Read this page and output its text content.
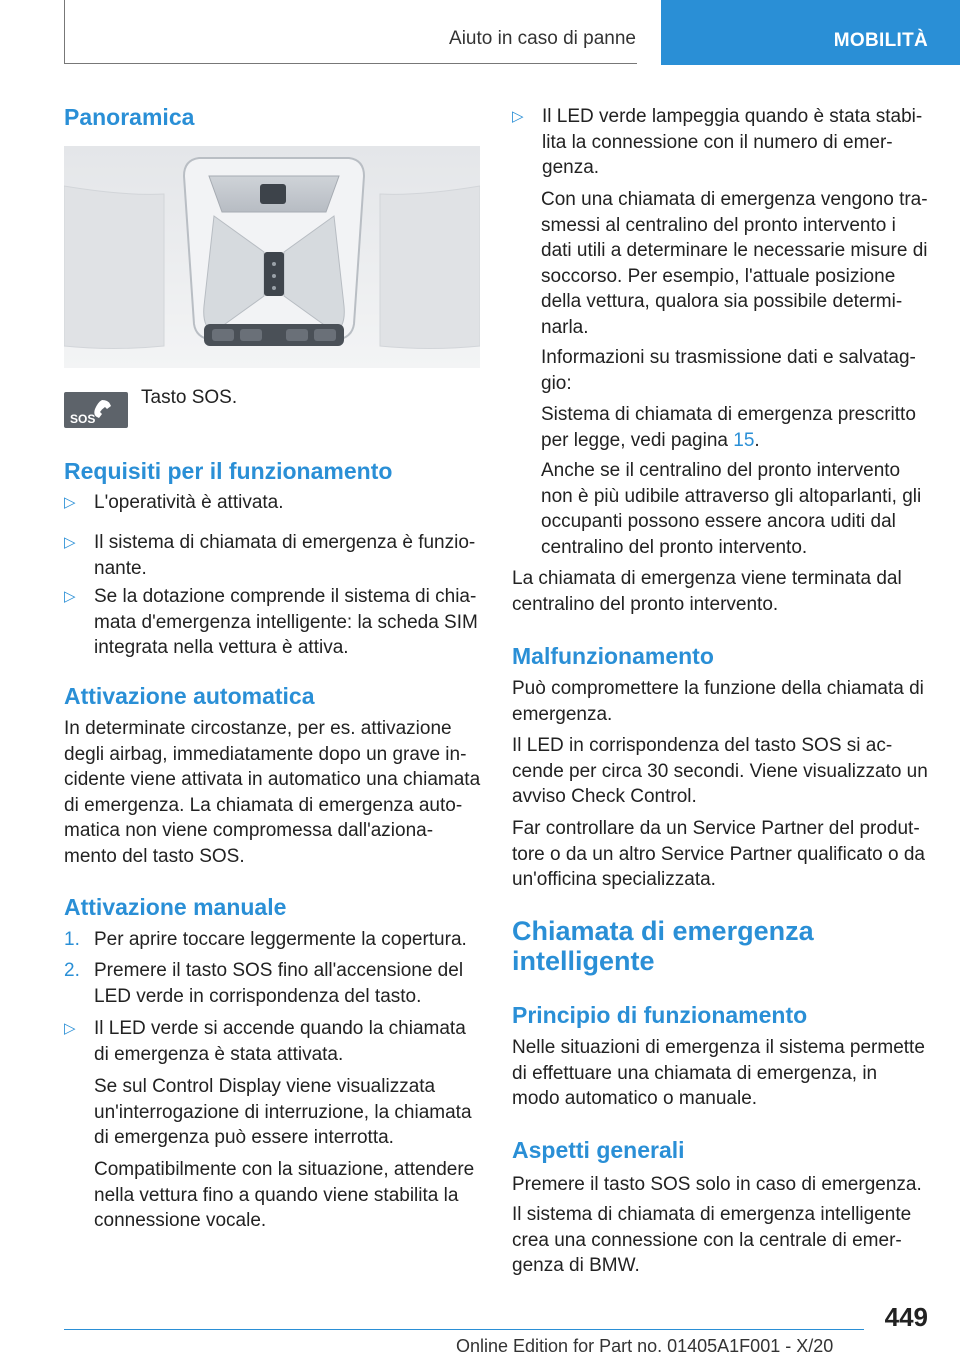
Aiuto in caso di panne	MOBILITÀ
Panoramica
SOS

Tasto SOS.

Requisiti per il funzionamento
▷ L'operatività è attivata.
▷ Il sistema di chiamata di emergenza è funzio-
nante.
▷ Se la dotazione comprende il sistema di chia-
mata d'emergenza intelligente: la scheda SIM
integrata nella vettura è attiva.
Attivazione automatica

In determinate circostanze, per es. attivazione
degli airbag, immediatamente dopo un grave in-
cidente viene attivata in automatico una chiamata
di emergenza. La chiamata di emergenza auto-
matica non viene compromessa dall'aziona-
mento del tasto SOS.

Attivazione manuale
1. Per aprire toccare leggermente la copertura.
2. Premere il tasto SOS fino all'accensione del
LED verde in corrispondenza del tasto.
▷ Il LED verde si accende quando la chiamata
di emergenza è stata attivata.

Se sul Control Display viene visualizzata
un'interrogazione di interruzione, la chiamata
di emergenza può essere interrotta.

Compatibilmente con la situazione, attendere
nella vettura fino a quando viene stabilita la
connessione vocale.

▷ Il LED verde lampeggia quando è stata stabi-
lita la connessione con il numero di emer-
genza.

Con una chiamata di emergenza vengono tra-
smessi al centralino del pronto intervento i
dati utili a determinare le necessarie misure di
soccorso. Per esempio, l'attuale posizione
della vettura, qualora sia possibile determi-
narla.

Informazioni su trasmissione dati e salvatag-
gio:

Sistema di chiamata di emergenza prescritto
per legge, vedi pagina 15.

Anche se il centralino del pronto intervento
non è più udibile attraverso gli altoparlanti, gli
occupanti possono essere ancora uditi dal
centralino del pronto intervento.

La chiamata di emergenza viene terminata dal
centralino del pronto intervento.

Malfunzionamento

Può compromettere la funzione della chiamata di
emergenza.

Il LED in corrispondenza del tasto SOS si ac-
cende per circa 30 secondi. Viene visualizzato un
avviso Check Control.

Far controllare da un Service Partner del produt-
tore o da un altro Service Partner qualificato o da
un'officina specializzata.

Chiamata di emergenza
intelligente
Principio di funzionamento

Nelle situazioni di emergenza il sistema permette
di effettuare una chiamata di emergenza, in
modo automatico o manuale.

Aspetti generali

Premere il tasto SOS solo in caso di emergenza.

Il sistema di chiamata di emergenza intelligente
crea una connessione con la centrale di emer-
genza di BMW.

449
Online Edition for Part no. 01405A1F001 - X/20
